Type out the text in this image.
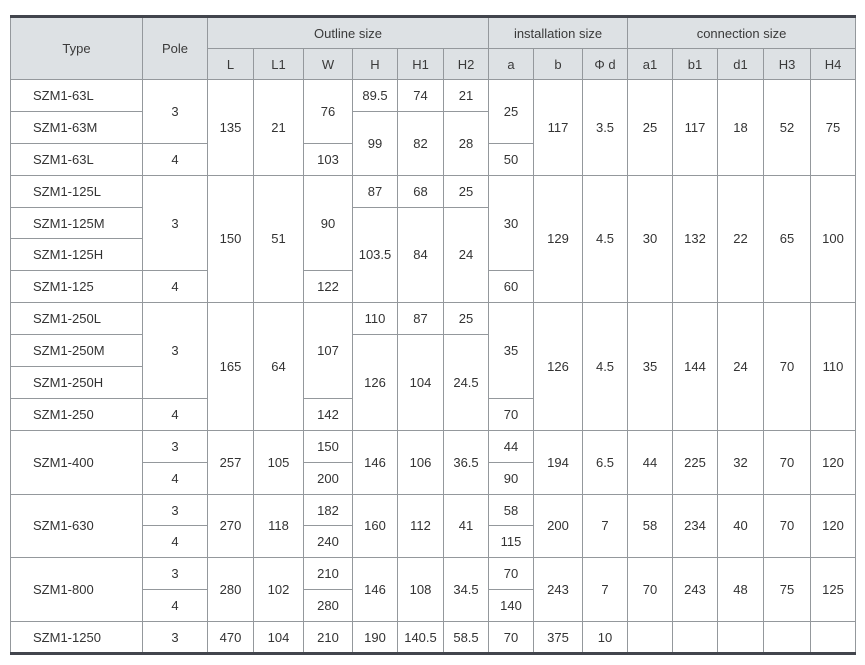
Type	Pole	Outline size						installation size			connection size				
		L	L1	W	H	H1	H2	a	b	Φ d	a1	b1	d1	H3	H4
SZM1-63L	3	135	21	76	89.5	74	21	25	117	3.5	25	117	18	52	75
SZM1-63M					99	82	28								
SZM1-63L	4			103				50							
SZM1-125L	3	150	51	90	87	68	25	30	129	4.5	30	132	22	65	100
SZM1-125M					103.5	84	24								
SZM1-125H															
SZM1-125	4			122				60							
SZM1-250L	3	165	64	107	110	87	25	35	126	4.5	35	144	24	70	110
SZM1-250M					126	104	24.5								
SZM1-250H															
SZM1-250	4			142				70							
SZM1-400	3	257	105	150	146	106	36.5	44	194	6.5	44	225	32	70	120
	4			200				90							
SZM1-630	3	270	118	182	160	112	41	58	200	7	58	234	40	70	120
	4			240				115							
SZM1-800	3	280	102	210	146	108	34.5	70	243	7	70	243	48	75	125
	4			280				140							
SZM1-1250	3	470	104	210	190	140.5	58.5	70	375	10					
